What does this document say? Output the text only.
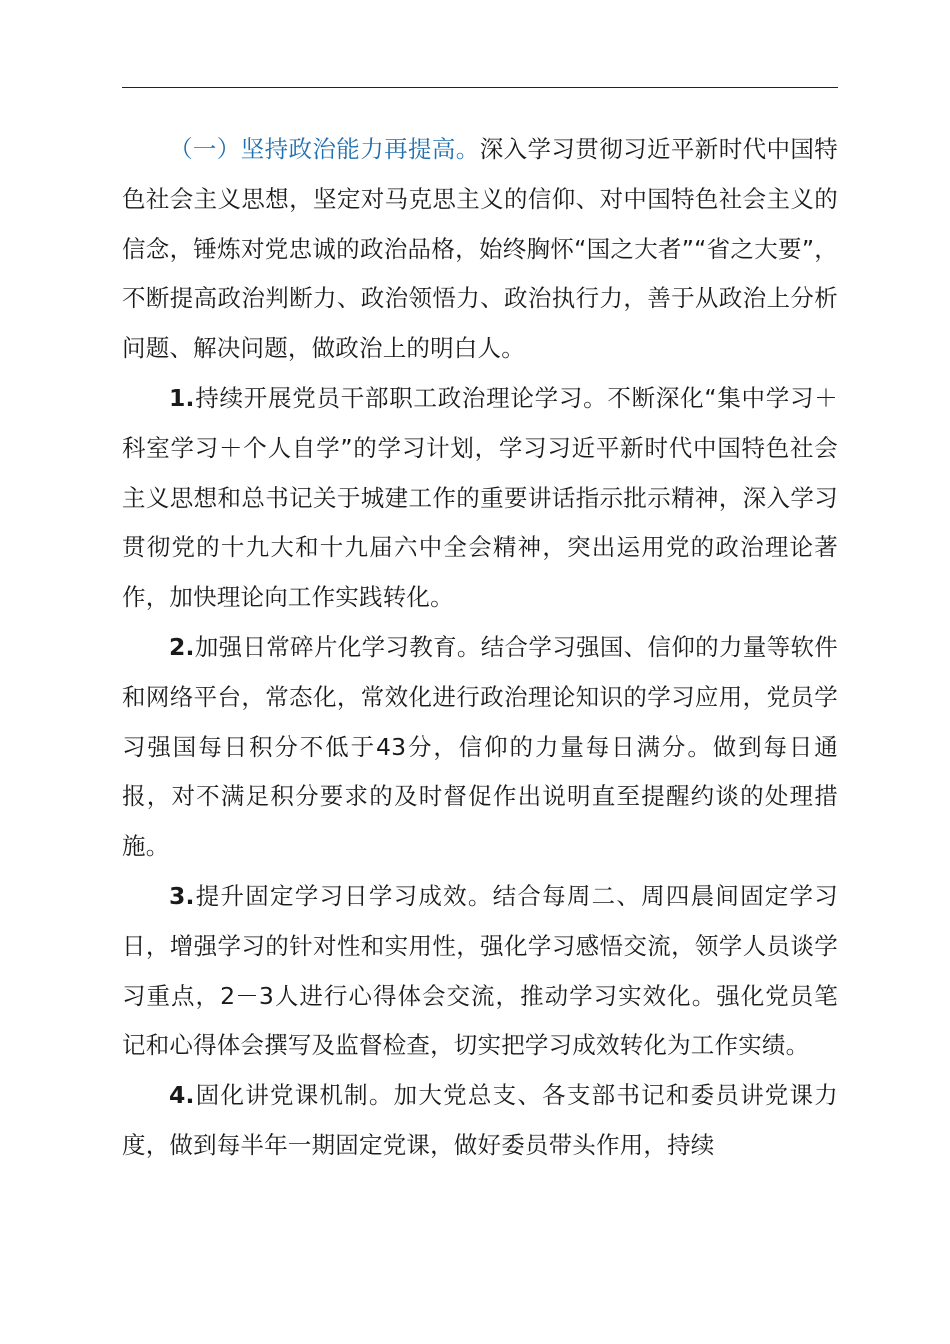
（一）坚持政治能力再提高。深入学习贯彻习近平新时代中国特色社会主义思想，坚定对马克思主义的信仰、对中国特色社会主义的信念，锤炼对党忠诚的政治品格，始终胸怀“国之大者”“省之大要”，不断提高政治判断力、政治领悟力、政治执行力，善于从政治上分析问题、解决问题，做政治上的明白人。

1.持续开展党员干部职工政治理论学习。不断深化“集中学习＋科室学习＋个人自学”的学习计划，学习习近平新时代中国特色社会主义思想和总书记关于城建工作的重要讲话指示批示精神，深入学习贯彻党的十九大和十九届六中全会精神，突出运用党的政治理论著作，加快理论向工作实践转化。

2.加强日常碎片化学习教育。结合学习强国、信仰的力量等软件和网络平台，常态化，常效化进行政治理论知识的学习应用，党员学习强国每日积分不低于43分，信仰的力量每日满分。做到每日通报，对不满足积分要求的及时督促作出说明直至提醒约谈的处理措施。

3.提升固定学习日学习成效。结合每周二、周四晨间固定学习日，增强学习的针对性和实用性，强化学习感悟交流，领学人员谈学习重点，2－3人进行心得体会交流，推动学习实效化。强化党员笔记和心得体会撰写及监督检查，切实把学习成效转化为工作实绩。

4.固化讲党课机制。加大党总支、各支部书记和委员讲党课力度，做到每半年一期固定党课，做好委员带头作用，持续
